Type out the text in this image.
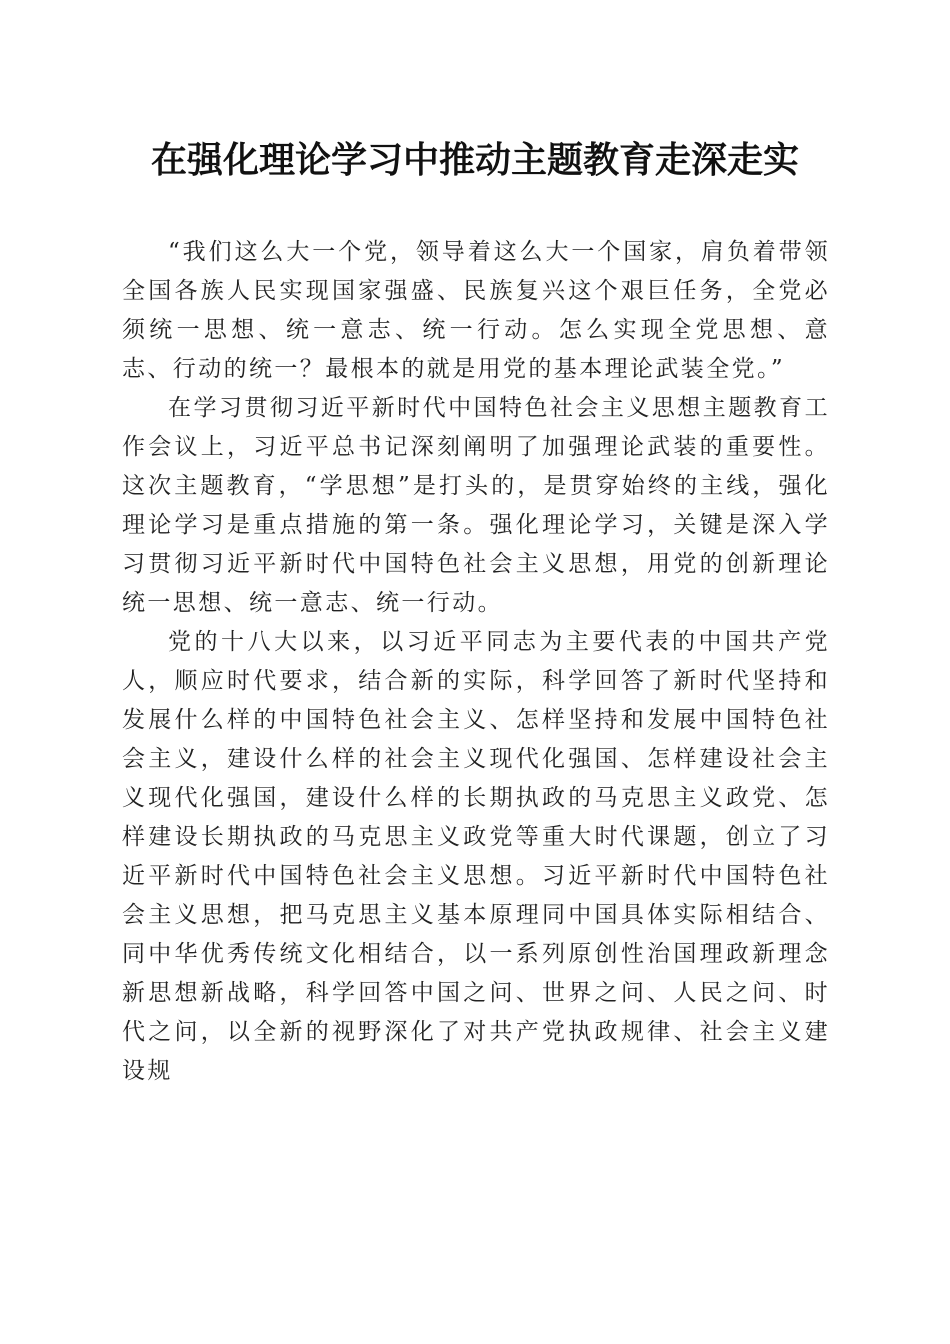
在强化理论学习中推动主题教育走深走实

“我们这么大一个党，领导着这么大一个国家，肩负着带领全国各族人民实现国家强盛、民族复兴这个艰巨任务，全党必须统一思想、统一意志、统一行动。怎么实现全党思想、意志、行动的统一？最根本的就是用党的基本理论武装全党。”

在学习贯彻习近平新时代中国特色社会主义思想主题教育工作会议上，习近平总书记深刻阐明了加强理论武装的重要性。这次主题教育，“学思想”是打头的，是贯穿始终的主线，强化理论学习是重点措施的第一条。强化理论学习，关键是深入学习贯彻习近平新时代中国特色社会主义思想，用党的创新理论统一思想、统一意志、统一行动。

党的十八大以来，以习近平同志为主要代表的中国共产党人，顺应时代要求，结合新的实际，科学回答了新时代坚持和发展什么样的中国特色社会主义、怎样坚持和发展中国特色社会主义，建设什么样的社会主义现代化强国、怎样建设社会主义现代化强国，建设什么样的长期执政的马克思主义政党、怎样建设长期执政的马克思主义政党等重大时代课题，创立了习近平新时代中国特色社会主义思想。习近平新时代中国特色社会主义思想，把马克思主义基本原理同中国具体实际相结合、同中华优秀传统文化相结合，以一系列原创性治国理政新理念新思想新战略，科学回答中国之问、世界之问、人民之问、时代之问，以全新的视野深化了对共产党执政规律、社会主义建设规
